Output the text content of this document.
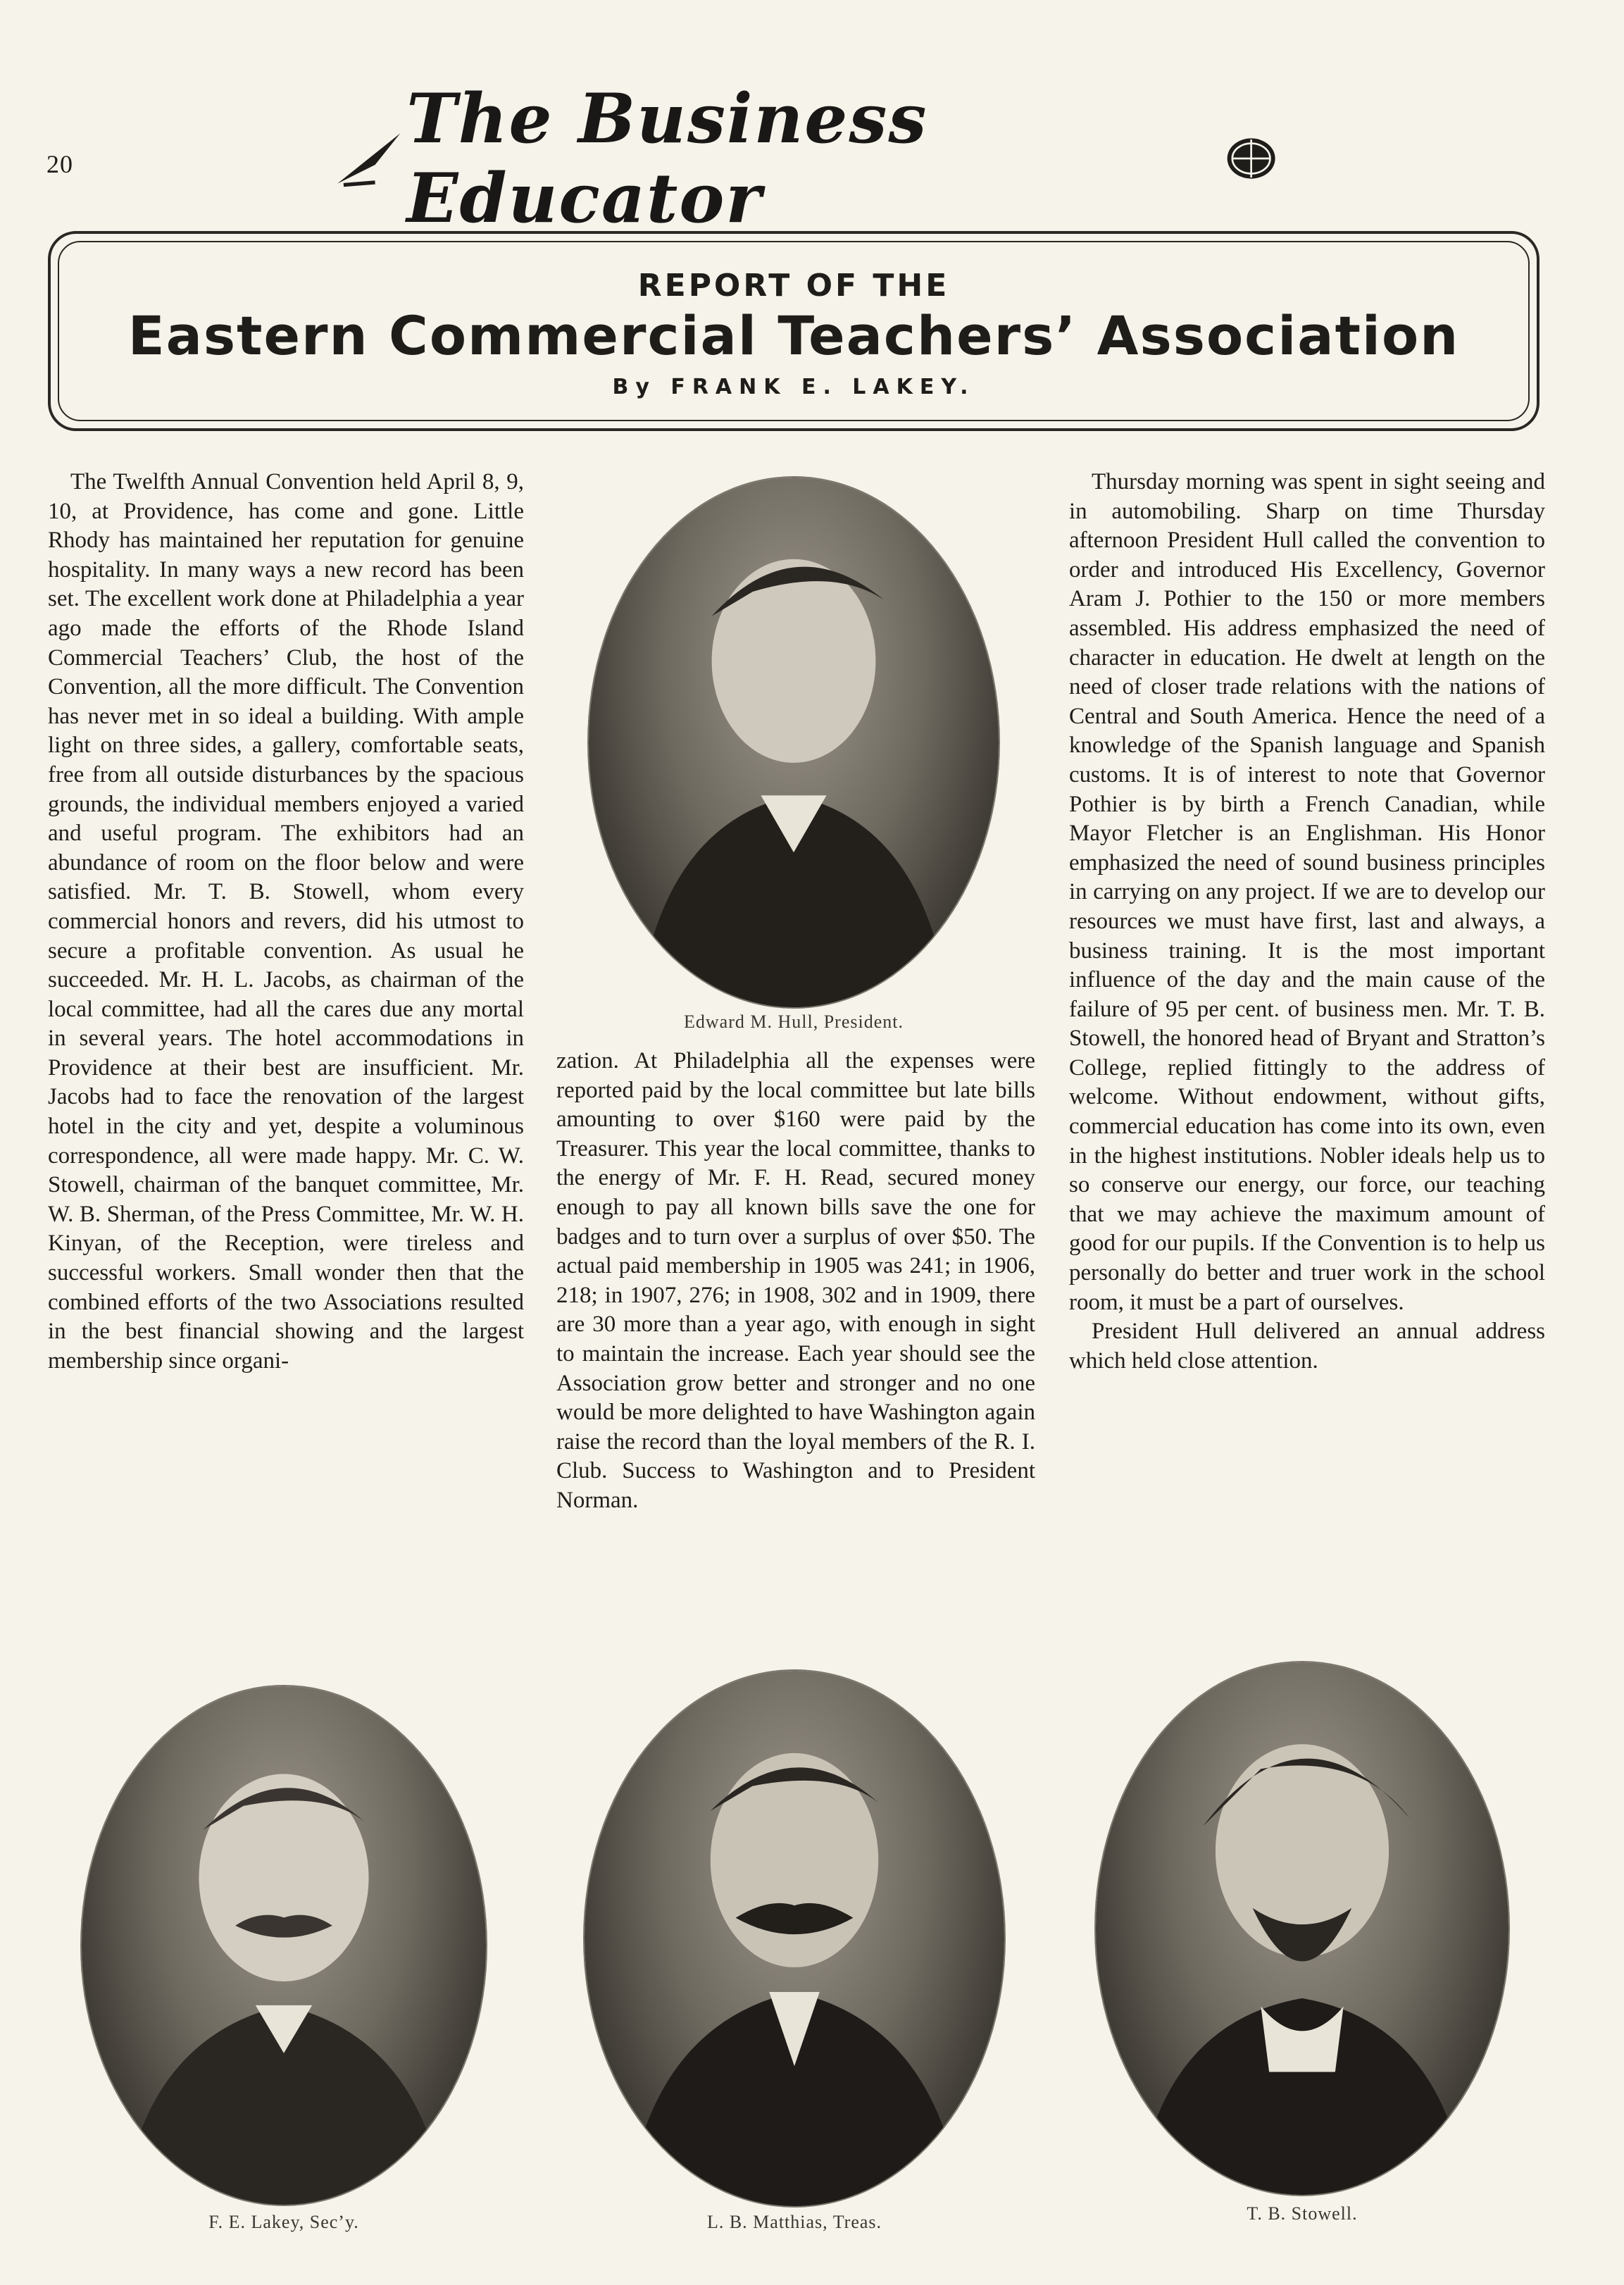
20
The Business Educator
REPORT OF THE
Eastern Commercial Teachers’ Association
By FRANK E. LAKEY.

The Twelfth Annual Convention held April 8, 9, 10, at Providence, has come and gone. Little Rhody has maintained her reputation for genuine hospitality. In many ways a new record has been set. The excellent work done at Philadelphia a year ago made the efforts of the Rhode Island Commercial Teachers’ Club, the host of the Convention, all the more difficult. The Convention has never met in so ideal a building. With ample light on three sides, a gallery, comfortable seats, free from all outside disturbances by the spacious grounds, the individual members enjoyed a varied and useful program. The exhibitors had an abundance of room on the floor below and were satisfied. Mr. T. B. Stowell, whom every commercial honors and revers, did his utmost to secure a profitable convention. As usual he succeeded. Mr. H. L. Jacobs, as chairman of the local committee, had all the cares due any mortal in several years. The hotel accommodations in Providence at their best are insufficient. Mr. Jacobs had to face the renovation of the largest hotel in the city and yet, despite a voluminous correspondence, all were made happy. Mr. C. W. Stowell, chairman of the banquet committee, Mr. W. B. Sherman, of the Press Committee, Mr. W. H. Kinyan, of the Reception, were tireless and successful workers. Small wonder then that the combined efforts of the two Associations resulted in the best financial showing and the largest membership since organi-

Edward M. Hull, President.

zation. At Philadelphia all the expenses were reported paid by the local committee but late bills amounting to over $160 were paid by the Treasurer. This year the local committee, thanks to the energy of Mr. F. H. Read, secured money enough to pay all known bills save the one for badges and to turn over a surplus of over $50. The actual paid membership in 1905 was 241; in 1906, 218; in 1907, 276; in 1908, 302 and in 1909, there are 30 more than a year ago, with enough in sight to maintain the increase. Each year should see the Association grow better and stronger and no one would be more delighted to have Washington again raise the record than the loyal members of the R. I. Club. Success to Washington and to President Norman.

Thursday morning was spent in sight seeing and in automobiling. Sharp on time Thursday afternoon President Hull called the convention to order and introduced His Excellency, Governor Aram J. Pothier to the 150 or more members assembled. His address emphasized the need of character in education. He dwelt at length on the need of closer trade relations with the nations of Central and South America. Hence the need of a knowledge of the Spanish language and Spanish customs. It is of interest to note that Governor Pothier is by birth a French Canadian, while Mayor Fletcher is an Englishman. His Honor emphasized the need of sound business principles in carrying on any project. If we are to develop our resources we must have first, last and always, a business training. It is the most important influence of the day and the main cause of the failure of 95 per cent. of business men. Mr. T. B. Stowell, the honored head of Bryant and Stratton’s College, replied fittingly to the address of welcome. Without endowment, without gifts, commercial education has come into its own, even in the highest institutions. Nobler ideals help us to so conserve our energy, our force, our teaching that we may achieve the maximum amount of good for our pupils. If the Convention is to help us personally do better and truer work in the school room, it must be a part of ourselves.

President Hull delivered an annual address which held close attention.

F. E. Lakey, Sec’y.	L. B. Matthias, Treas.	T. B. Stowell.
